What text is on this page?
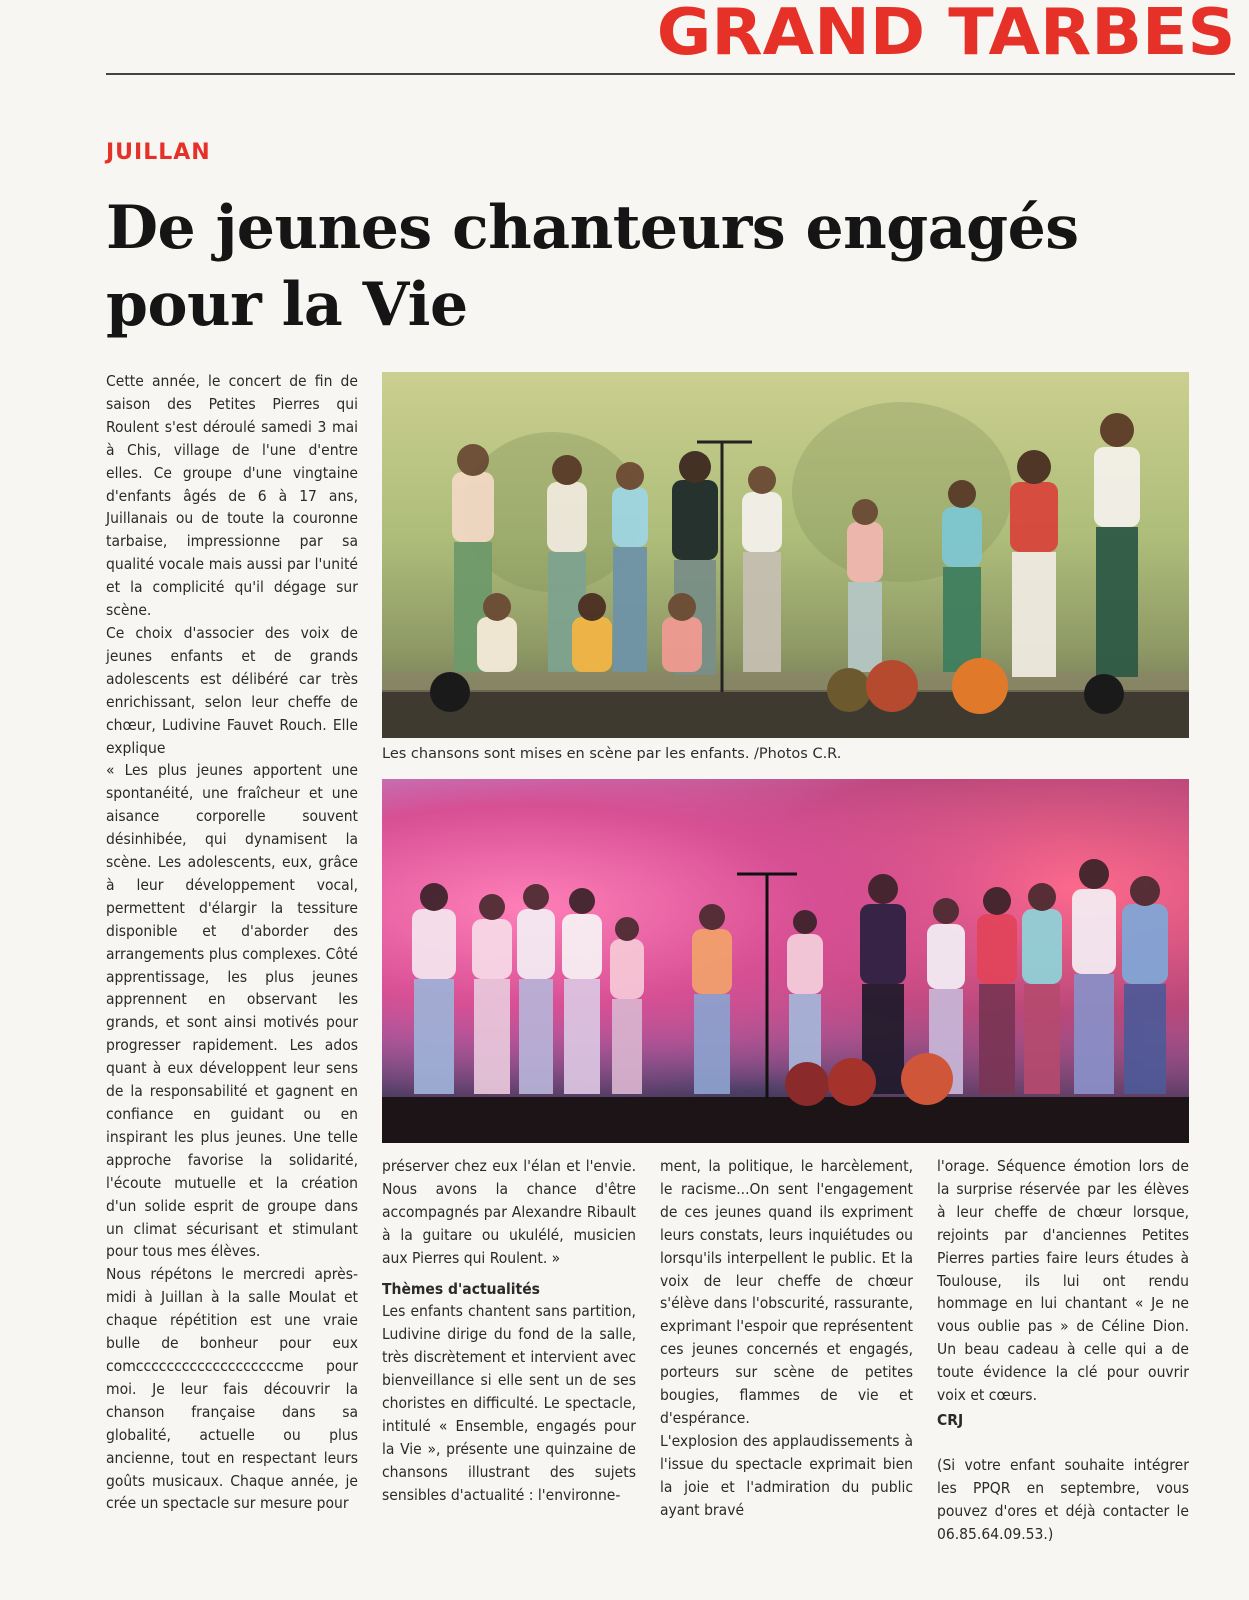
GRAND TARBES
JUILLAN
De jeunes chanteurs engagés pour la Vie

Cette année, le concert de fin de saison des Petites Pierres qui Roulent s'est déroulé samedi 3 mai à Chis, village de l'une d'entre elles. Ce groupe d'une vingtaine d'enfants âgés de 6 à 17 ans, Juillanais ou de toute la couronne tarbaise, impressionne par sa qualité vocale mais aussi par l'unité et la complicité qu'il dégage sur scène.

Ce choix d'associer des voix de jeunes enfants et de grands adolescents est délibéré car très enrichissant, selon leur cheffe de chœur, Ludivine Fauvet Rouch. Elle explique

« Les plus jeunes apportent une spontanéité, une fraîcheur et une aisance corporelle souvent désinhibée, qui dynamisent la scène. Les adolescents, eux, grâce à leur développement vocal, permettent d'élargir la tessiture disponible et d'aborder des arrangements plus complexes. Côté apprentissage, les plus jeunes apprennent en observant les grands, et sont ainsi motivés pour progresser rapidement. Les ados quant à eux développent leur sens de la responsabilité et gagnent en confiance en guidant ou en inspirant les plus jeunes. Une telle approche favorise la solidarité, l'écoute mutuelle et la création d'un solide esprit de groupe dans un climat sécurisant et stimulant pour tous mes élèves.

Nous répétons le mercredi après-midi à Juillan à la salle Moulat et chaque répétition est une vraie bulle de bonheur pour eux comcccccccccccccccccccme pour moi. Je leur fais découvrir la chanson française dans sa globalité, actuelle ou plus ancienne, tout en respectant leurs goûts musicaux. Chaque année, je crée un spectacle sur mesure pour

Les chansons sont mises en scène par les enfants. /Photos C.R.

préserver chez eux l'élan et l'envie. Nous avons la chance d'être accompagnés par Alexandre Ribault à la guitare ou ukulélé, musicien aux Pierres qui Roulent. »

Thèmes d'actualités

Les enfants chantent sans partition, Ludivine dirige du fond de la salle, très discrètement et intervient avec bienveillance si elle sent un de ses choristes en difficulté. Le spectacle, intitulé « Ensemble, engagés pour la Vie », présente une quinzaine de chansons illustrant des sujets sensibles d'actualité : l'environne-

ment, la politique, le harcèlement, le racisme...On sent l'engagement de ces jeunes quand ils expriment leurs constats, leurs inquiétudes ou lorsqu'ils interpellent le public. Et la voix de leur cheffe de chœur s'élève dans l'obscurité, rassurante, exprimant l'espoir que représentent ces jeunes concernés et engagés, porteurs sur scène de petites bougies, flammes de vie et d'espérance.

L'explosion des applaudissements à l'issue du spectacle exprimait bien la joie et l'admiration du public ayant bravé

l'orage. Séquence émotion lors de la surprise réservée par les élèves à leur cheffe de chœur lorsque, rejoints par d'anciennes Petites Pierres parties faire leurs études à Toulouse, ils lui ont rendu hommage en lui chantant « Je ne vous oublie pas » de Céline Dion. Un beau cadeau à celle qui a de toute évidence la clé pour ouvrir voix et cœurs.

CRJ

(Si votre enfant souhaite intégrer les PPQR en septembre, vous pouvez d'ores et déjà contacter le 06.85.64.09.53.)
